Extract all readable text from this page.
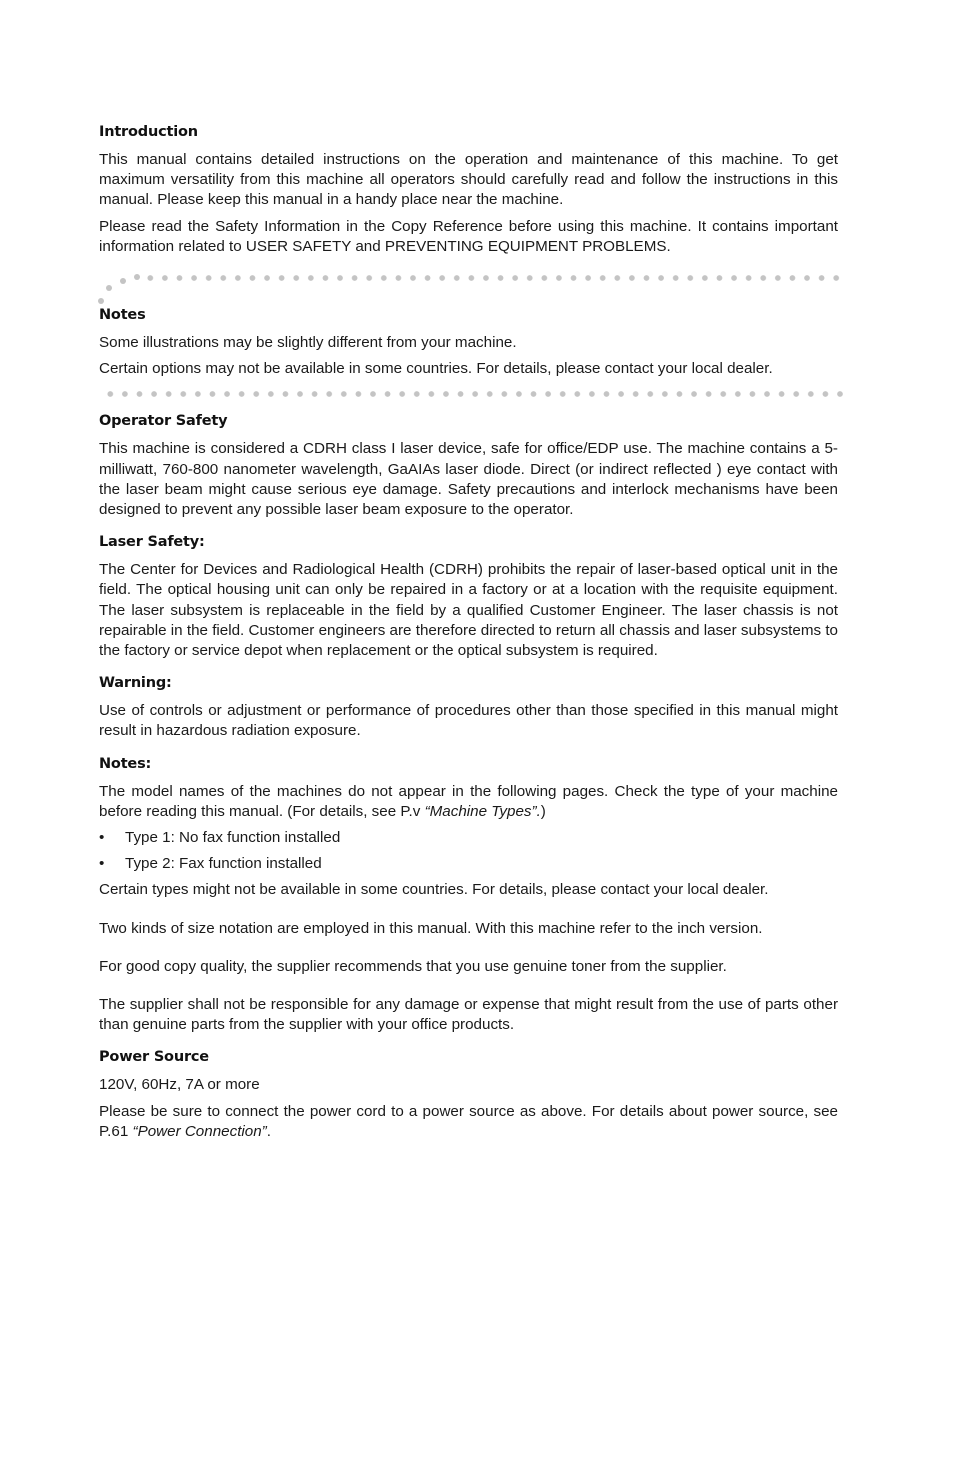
Introduction

This manual contains detailed instructions on the operation and maintenance of this machine. To get maximum versatility from this machine all operators should carefully read and follow the instructions in this manual. Please keep this manual in a handy place near the machine.

Please read the Safety Information in the Copy Reference before using this machine. It contains important information related to USER SAFETY and PREVENTING EQUIPMENT PROBLEMS.

Notes

Some illustrations may be slightly different from your machine.

Certain options may not be available in some countries. For details, please contact your local dealer.

Operator Safety

This machine is considered a CDRH class I laser device, safe for office/EDP use. The machine contains a 5-milliwatt, 760-800 nanometer wavelength, GaAIAs laser diode. Direct (or indirect reflected ) eye contact with the laser beam might cause serious eye damage. Safety precautions and interlock mechanisms have been designed to prevent any possible laser beam exposure to the operator.

Laser Safety:

The Center for Devices and Radiological Health (CDRH) prohibits the repair of laser-based optical unit in the field. The optical housing unit can only be repaired in a factory or at a location with the requisite equipment. The laser subsystem is replaceable in the field by a qualified Customer Engineer. The laser chassis is not repairable in the field. Customer engineers are therefore directed to return all chassis and laser subsystems to the factory or service depot when replacement or the optical subsystem is required.

Warning:

Use of controls or adjustment or performance of procedures other than those specified in this manual might result in hazardous radiation exposure.

Notes:

The model names of the machines do not appear in the following pages. Check the type of your machine before reading this manual. (For details, see P.v “Machine Types”.)

• Type 1: No fax function installed
• Type 2: Fax function installed

Certain types might not be available in some countries. For details, please contact your local dealer.

Two kinds of size notation are employed in this manual. With this machine refer to the inch version.

For good copy quality, the supplier recommends that you use genuine toner from the supplier.

The supplier shall not be responsible for any damage or expense that might result from the use of parts other than genuine parts from the supplier with your office products.

Power Source

120V, 60Hz, 7A or more

Please be sure to connect the power cord to a power source as above. For details about power source, see P.61 “Power Connection”.
